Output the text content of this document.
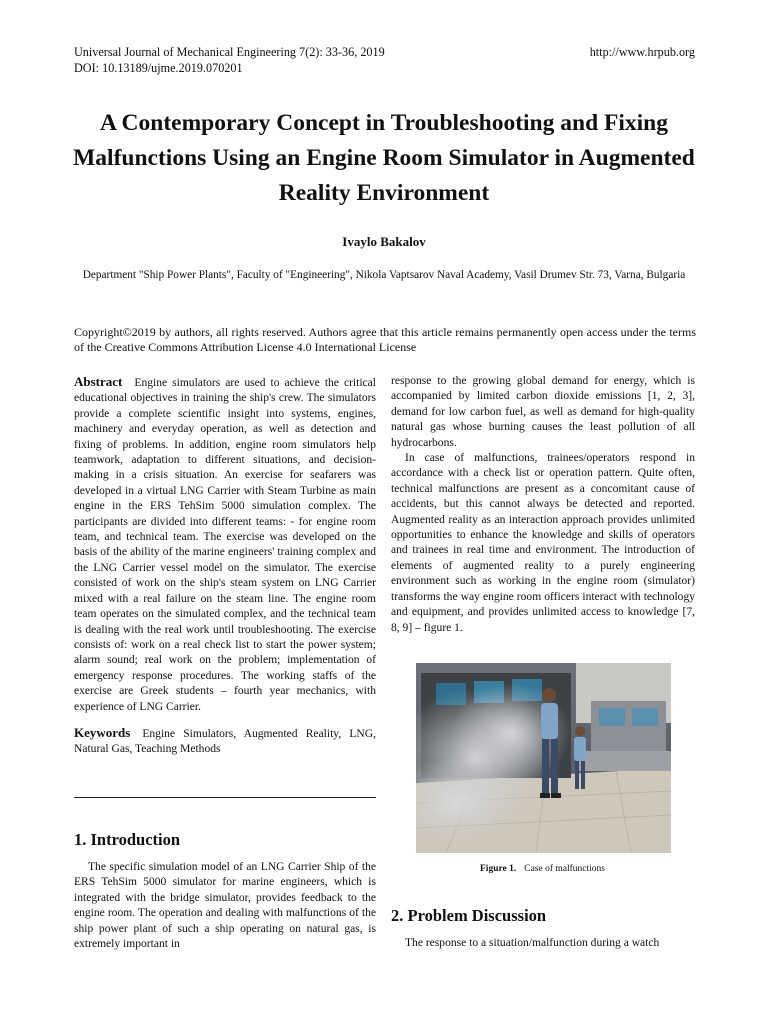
Universal Journal of Mechanical Engineering 7(2): 33-36, 2019
DOI: 10.13189/ujme.2019.070201
http://www.hrpub.org
A Contemporary Concept in Troubleshooting and Fixing Malfunctions Using an Engine Room Simulator in Augmented Reality Environment
Ivaylo Bakalov
Department "Ship Power Plants", Faculty of "Engineering", Nikola Vaptsarov Naval Academy, Vasil Drumev Str. 73, Varna, Bulgaria
Copyright©2019 by authors, all rights reserved. Authors agree that this article remains permanently open access under the terms of the Creative Commons Attribution License 4.0 International License

Abstract Engine simulators are used to achieve the critical educational objectives in training the ship's crew. The simulators provide a complete scientific insight into systems, engines, machinery and everyday operation, as well as detection and fixing of problems. In addition, engine room simulators help teamwork, adaptation to different situations, and decision-making in a crisis situation. An exercise for seafarers was developed in a virtual LNG Carrier with Steam Turbine as main engine in the ERS TehSim 5000 simulation complex. The participants are divided into different teams: - for engine room team, and technical team. The exercise was developed on the basis of the ability of the marine engineers' training complex and the LNG Carrier vessel model on the simulator. The exercise consisted of work on the ship's steam system on LNG Carrier mixed with a real failure on the steam line. The engine room team operates on the simulated complex, and the technical team is dealing with the real work until troubleshooting. The exercise consists of: work on a real check list to start the power system; alarm sound; real work on the problem; implementation of emergency response procedures. The working staffs of the exercise are Greek students – fourth year mechanics, with experience of LNG Carrier.

Keywords Engine Simulators, Augmented Reality, LNG, Natural Gas, Teaching Methods

1. Introduction

The specific simulation model of an LNG Carrier Ship of the ERS TehSim 5000 simulator for marine engineers, which is integrated with the bridge simulator, provides feedback to the engine room. The operation and dealing with malfunctions of the ship power plant of such a ship operating on natural gas, is extremely important in

response to the growing global demand for energy, which is accompanied by limited carbon dioxide emissions [1, 2, 3], demand for low carbon fuel, as well as demand for high-quality natural gas whose burning causes the least pollution of all hydrocarbons.

In case of malfunctions, trainees/operators respond in accordance with a check list or operation pattern. Quite often, technical malfunctions are present as a concomitant cause of accidents, but this cannot always be detected and reported. Augmented reality as an interaction approach provides unlimited opportunities to enhance the knowledge and skills of operators and trainees in real time and environment. The introduction of elements of augmented reality to a purely engineering environment such as working in the engine room (simulator) transforms the way engine room officers interact with technology and equipment, and provides unlimited access to knowledge [7, 8, 9] – figure 1.

Figure 1. Case of malfunctions
2. Problem Discussion

The response to a situation/malfunction during a watch
